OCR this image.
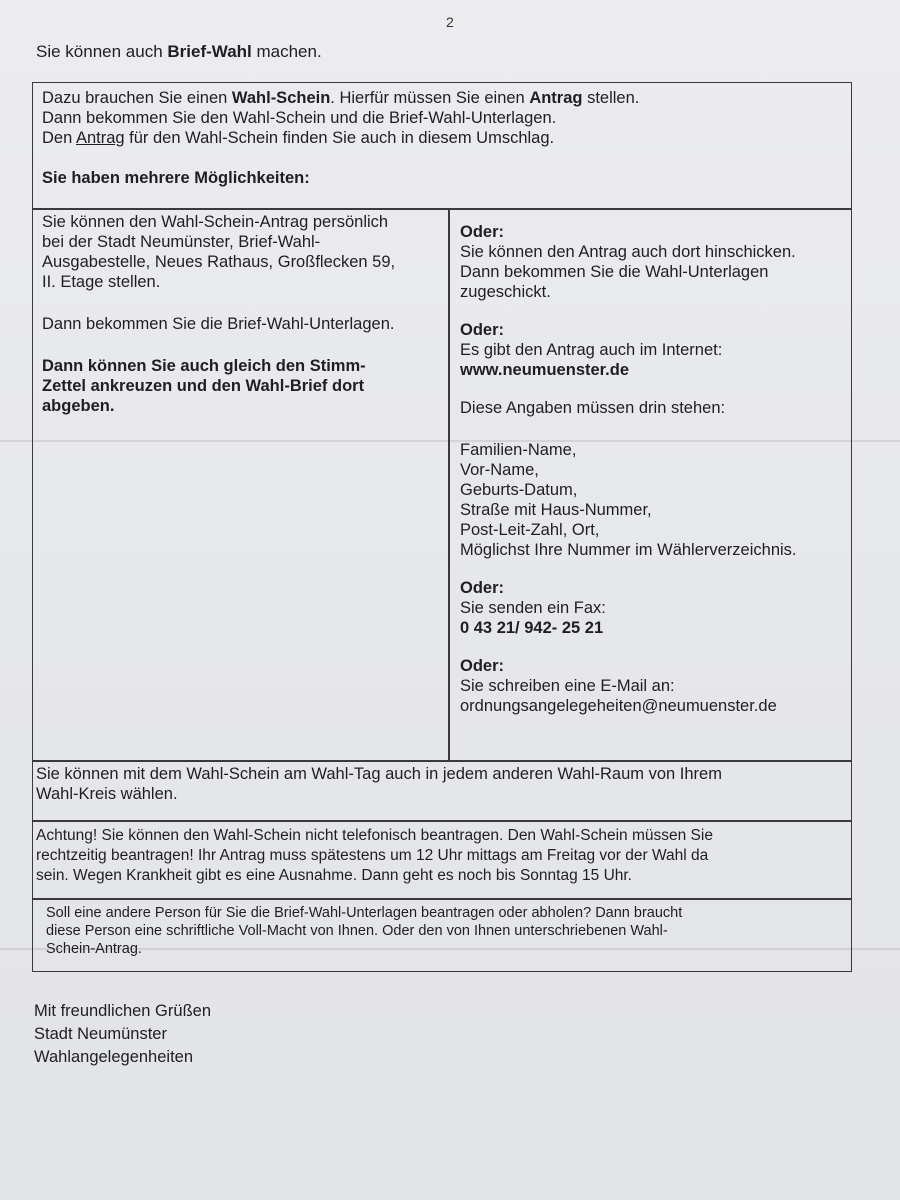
2
Sie können auch Brief-Wahl machen.
Dazu brauchen Sie einen Wahl-Schein. Hierfür müssen Sie einen Antrag stellen.
Dann bekommen Sie den Wahl-Schein und die Brief-Wahl-Unterlagen.
Den Antrag für den Wahl-Schein finden Sie auch in diesem Umschlag.
Sie haben mehrere Möglichkeiten:
Sie können den Wahl-Schein-Antrag persönlich
bei der Stadt Neumünster, Brief-Wahl-
Ausgabestelle, Neues Rathaus, Großflecken 59,
II. Etage stellen.
Dann bekommen Sie die Brief-Wahl-Unterlagen.
Dann können Sie auch gleich den Stimm-
Zettel ankreuzen und den Wahl-Brief dort
abgeben.
Oder:
Sie können den Antrag auch dort hinschicken.
Dann bekommen Sie die Wahl-Unterlagen
zugeschickt.
Oder:
Es gibt den Antrag auch im Internet:
www.neumuenster.de
Diese Angaben müssen drin stehen:
Familien-Name,
Vor-Name,
Geburts-Datum,
Straße mit Haus-Nummer,
Post-Leit-Zahl, Ort,
Möglichst Ihre Nummer im Wählerverzeichnis.
Oder:
Sie senden ein Fax:
0 43 21/ 942- 25 21
Oder:
Sie schreiben eine E-Mail an:
ordnungsangelegeheiten@neumuenster.de
Sie können mit dem Wahl-Schein am Wahl-Tag auch in jedem anderen Wahl-Raum von Ihrem
Wahl-Kreis wählen.
Achtung! Sie können den Wahl-Schein nicht telefonisch beantragen. Den Wahl-Schein müssen Sie
rechtzeitig beantragen! Ihr Antrag muss spätestens um 12 Uhr mittags am Freitag vor der Wahl da
sein. Wegen Krankheit gibt es eine Ausnahme. Dann geht es noch bis Sonntag 15 Uhr.
Soll eine andere Person für Sie die Brief-Wahl-Unterlagen beantragen oder abholen? Dann braucht
diese Person eine schriftliche Voll-Macht von Ihnen. Oder den von Ihnen unterschriebenen Wahl-
Schein-Antrag.
Mit freundlichen Grüßen
Stadt Neumünster
Wahlangelegenheiten
